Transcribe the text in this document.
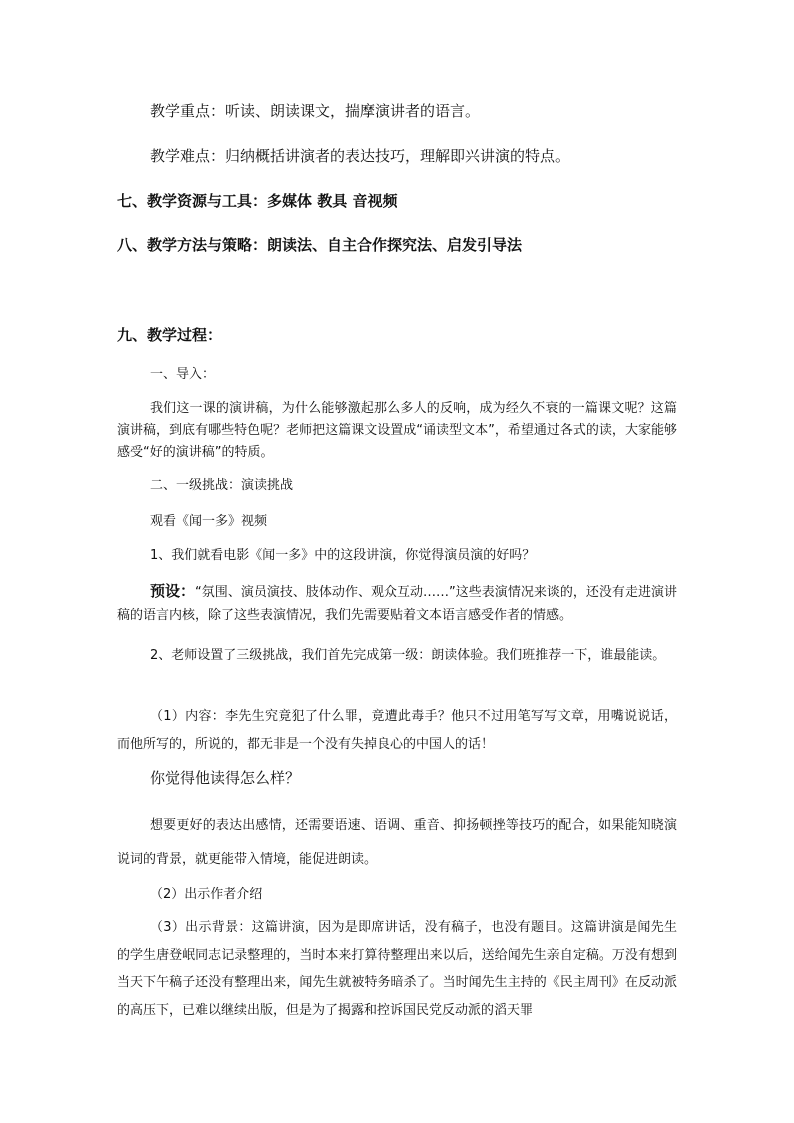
教学重点：听读、朗读课文，揣摩演讲者的语言。
教学难点：归纳概括讲演者的表达技巧，理解即兴讲演的特点。
七、教学资源与工具：多媒体 教具 音视频
八、教学方法与策略：朗读法、自主合作探究法、启发引导法
九、教学过程：
一、导入：
我们这一课的演讲稿，为什么能够激起那么多人的反响，成为经久不衰的一篇课文呢？这篇演讲稿，到底有哪些特色呢？老师把这篇课文设置成“诵读型文本”，希望通过各式的读，大家能够感受“好的演讲稿”的特质。
二、一级挑战：演读挑战
观看《闻一多》视频
1、我们就看电影《闻一多》中的这段讲演，你觉得演员演的好吗？
预设：“氛围、演员演技、肢体动作、观众互动……”这些表演情况来谈的，还没有走进演讲稿的语言内核，除了这些表演情况，我们先需要贴着文本语言感受作者的情感。
2、老师设置了三级挑战，我们首先完成第一级：朗读体验。我们班推荐一下，谁最能读。
（1）内容：李先生究竟犯了什么罪，竟遭此毒手？他只不过用笔写写文章，用嘴说说话，而他所写的，所说的，都无非是一个没有失掉良心的中国人的话！
你觉得他读得怎么样？
想要更好的表达出感情，还需要语速、语调、重音、抑扬顿挫等技巧的配合，如果能知晓演说词的背景，就更能带入情境，能促进朗读。
（2）出示作者介绍
（3）出示背景：这篇讲演，因为是即席讲话，没有稿子，也没有题目。这篇讲演是闻先生的学生唐登岷同志记录整理的，当时本来打算待整理出来以后，送给闻先生亲自定稿。万没有想到当天下午稿子还没有整理出来，闻先生就被特务暗杀了。当时闻先生主持的《民主周刊》在反动派的高压下，已难以继续出版，但是为了揭露和控诉国民党反动派的滔天罪
